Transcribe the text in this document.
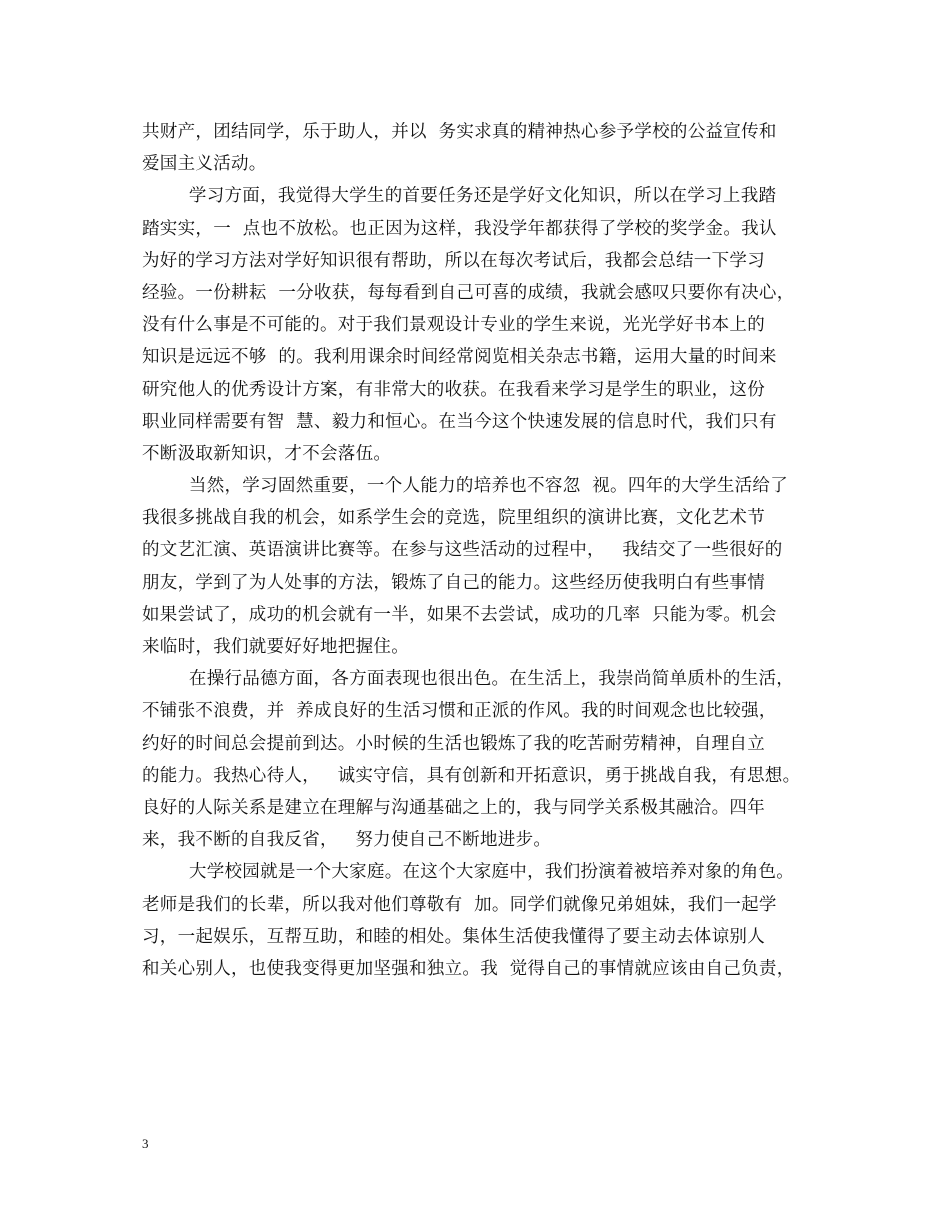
共财产，团结同学，乐于助人，并以  务实求真的精神热心参予学校的公益宣传和
爱国主义活动。
学习方面，我觉得大学生的首要任务还是学好文化知识，所以在学习上我踏
踏实实，一  点也不放松。也正因为这样，我没学年都获得了学校的奖学金。我认
为好的学习方法对学好知识很有帮助，所以在每次考试后，我都会总结一下学习
经验。一份耕耘  一分收获，每每看到自己可喜的成绩，我就会感叹只要你有决心，
没有什么事是不可能的。对于我们景观设计专业的学生来说，光光学好书本上的
知识是远远不够  的。我利用课余时间经常阅览相关杂志书籍，运用大量的时间来
研究他人的优秀设计方案，有非常大的收获。在我看来学习是学生的职业，这份
职业同样需要有智  慧、毅力和恒心。在当今这个快速发展的信息时代，我们只有
不断汲取新知识，才不会落伍。
当然，学习固然重要，一个人能力的培养也不容忽  视。四年的大学生活给了
我很多挑战自我的机会，如系学生会的竞选，院里组织的演讲比赛，文化艺术节
的文艺汇演、英语演讲比赛等。在参与这些活动的过程中，   我结交了一些很好的
朋友，学到了为人处事的方法，锻炼了自己的能力。这些经历使我明白有些事情
如果尝试了，成功的机会就有一半，如果不去尝试，成功的几率  只能为零。机会
来临时，我们就要好好地把握住。
在操行品德方面，各方面表现也很出色。在生活上，我崇尚简单质朴的生活，
不铺张不浪费，并  养成良好的生活习惯和正派的作风。我的时间观念也比较强，
约好的时间总会提前到达。小时候的生活也锻炼了我的吃苦耐劳精神，自理自立
的能力。我热心待人，   诚实守信，具有创新和开拓意识，勇于挑战自我，有思想。
良好的人际关系是建立在理解与沟通基础之上的，我与同学关系极其融洽。四年
来，我不断的自我反省，   努力使自己不断地进步。
大学校园就是一个大家庭。在这个大家庭中，我们扮演着被培养对象的角色。
老师是我们的长辈，所以我对他们尊敬有  加。同学们就像兄弟姐妹，我们一起学
习，一起娱乐，互帮互助，和睦的相处。集体生活使我懂得了要主动去体谅别人
和关心别人，也使我变得更加坚强和独立。我  觉得自己的事情就应该由自己负责，
3
